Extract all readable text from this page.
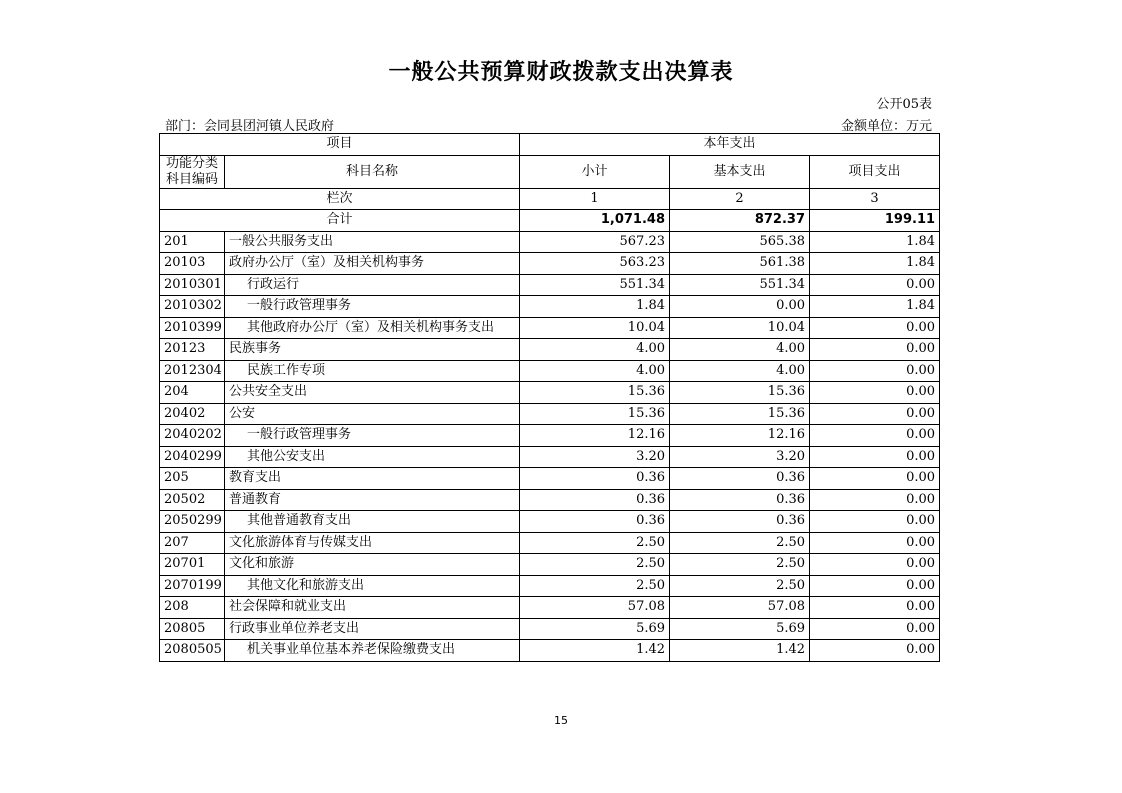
一般公共预算财政拨款支出决算表
公开05表
部门：会同县团河镇人民政府	金额单位：万元
项目		本年支出		
功能分类科目编码	科目名称	小计	基本支出	项目支出
栏次		1	2	3
合计		1,071.48	872.37	199.11
201	一般公共服务支出	567.23	565.38	1.84
20103	政府办公厅（室）及相关机构事务	563.23	561.38	1.84
2010301	行政运行	551.34	551.34	0.00
2010302	一般行政管理事务	1.84	0.00	1.84
2010399	其他政府办公厅（室）及相关机构事务支出	10.04	10.04	0.00
20123	民族事务	4.00	4.00	0.00
2012304	民族工作专项	4.00	4.00	0.00
204	公共安全支出	15.36	15.36	0.00
20402	公安	15.36	15.36	0.00
2040202	一般行政管理事务	12.16	12.16	0.00
2040299	其他公安支出	3.20	3.20	0.00
205	教育支出	0.36	0.36	0.00
20502	普通教育	0.36	0.36	0.00
2050299	其他普通教育支出	0.36	0.36	0.00
207	文化旅游体育与传媒支出	2.50	2.50	0.00
20701	文化和旅游	2.50	2.50	0.00
2070199	其他文化和旅游支出	2.50	2.50	0.00
208	社会保障和就业支出	57.08	57.08	0.00
20805	行政事业单位养老支出	5.69	5.69	0.00
2080505	机关事业单位基本养老保险缴费支出	1.42	1.42	0.00
15
